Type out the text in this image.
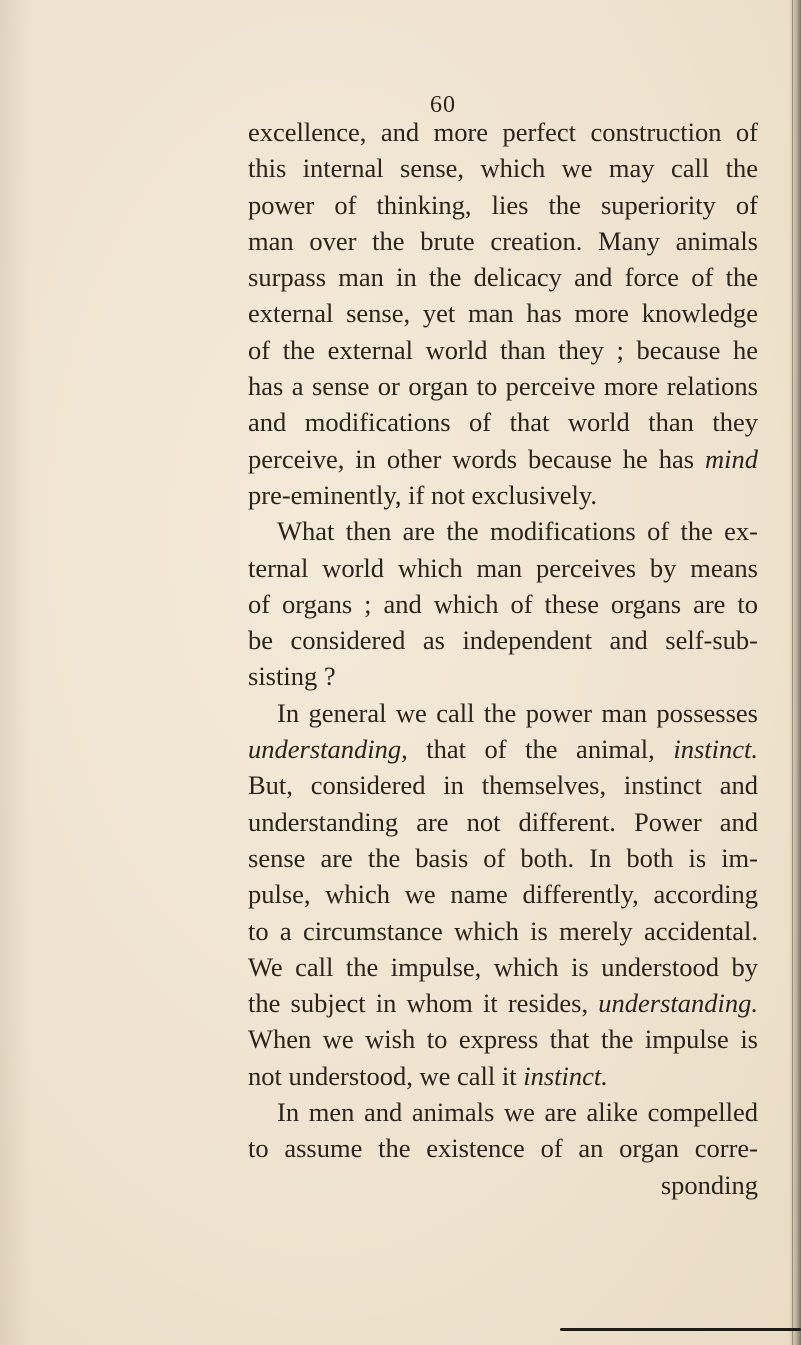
60
excellence, and more perfect construction of
this internal sense, which we may call the
power of thinking, lies the superiority of
man over the brute creation. Many animals
surpass man in the delicacy and force of the
external sense, yet man has more knowledge
of the external world than they ; because he
has a sense or organ to perceive more relations
and modifications of that world than they
perceive, in other words because he has mind
pre-eminently, if not exclusively.
What then are the modifications of the ex-
ternal world which man perceives by means
of organs ; and which of these organs are to
be considered as independent and self-sub-
sisting ?
In general we call the power man possesses
understanding, that of the animal, instinct.
But, considered in themselves, instinct and
understanding are not different. Power and
sense are the basis of both. In both is im-
pulse, which we name differently, according
to a circumstance which is merely accidental.
We call the impulse, which is understood by
the subject in whom it resides, understanding.
When we wish to express that the impulse is
not understood, we call it instinct.
In men and animals we are alike compelled
to assume the existence of an organ corre-
sponding
